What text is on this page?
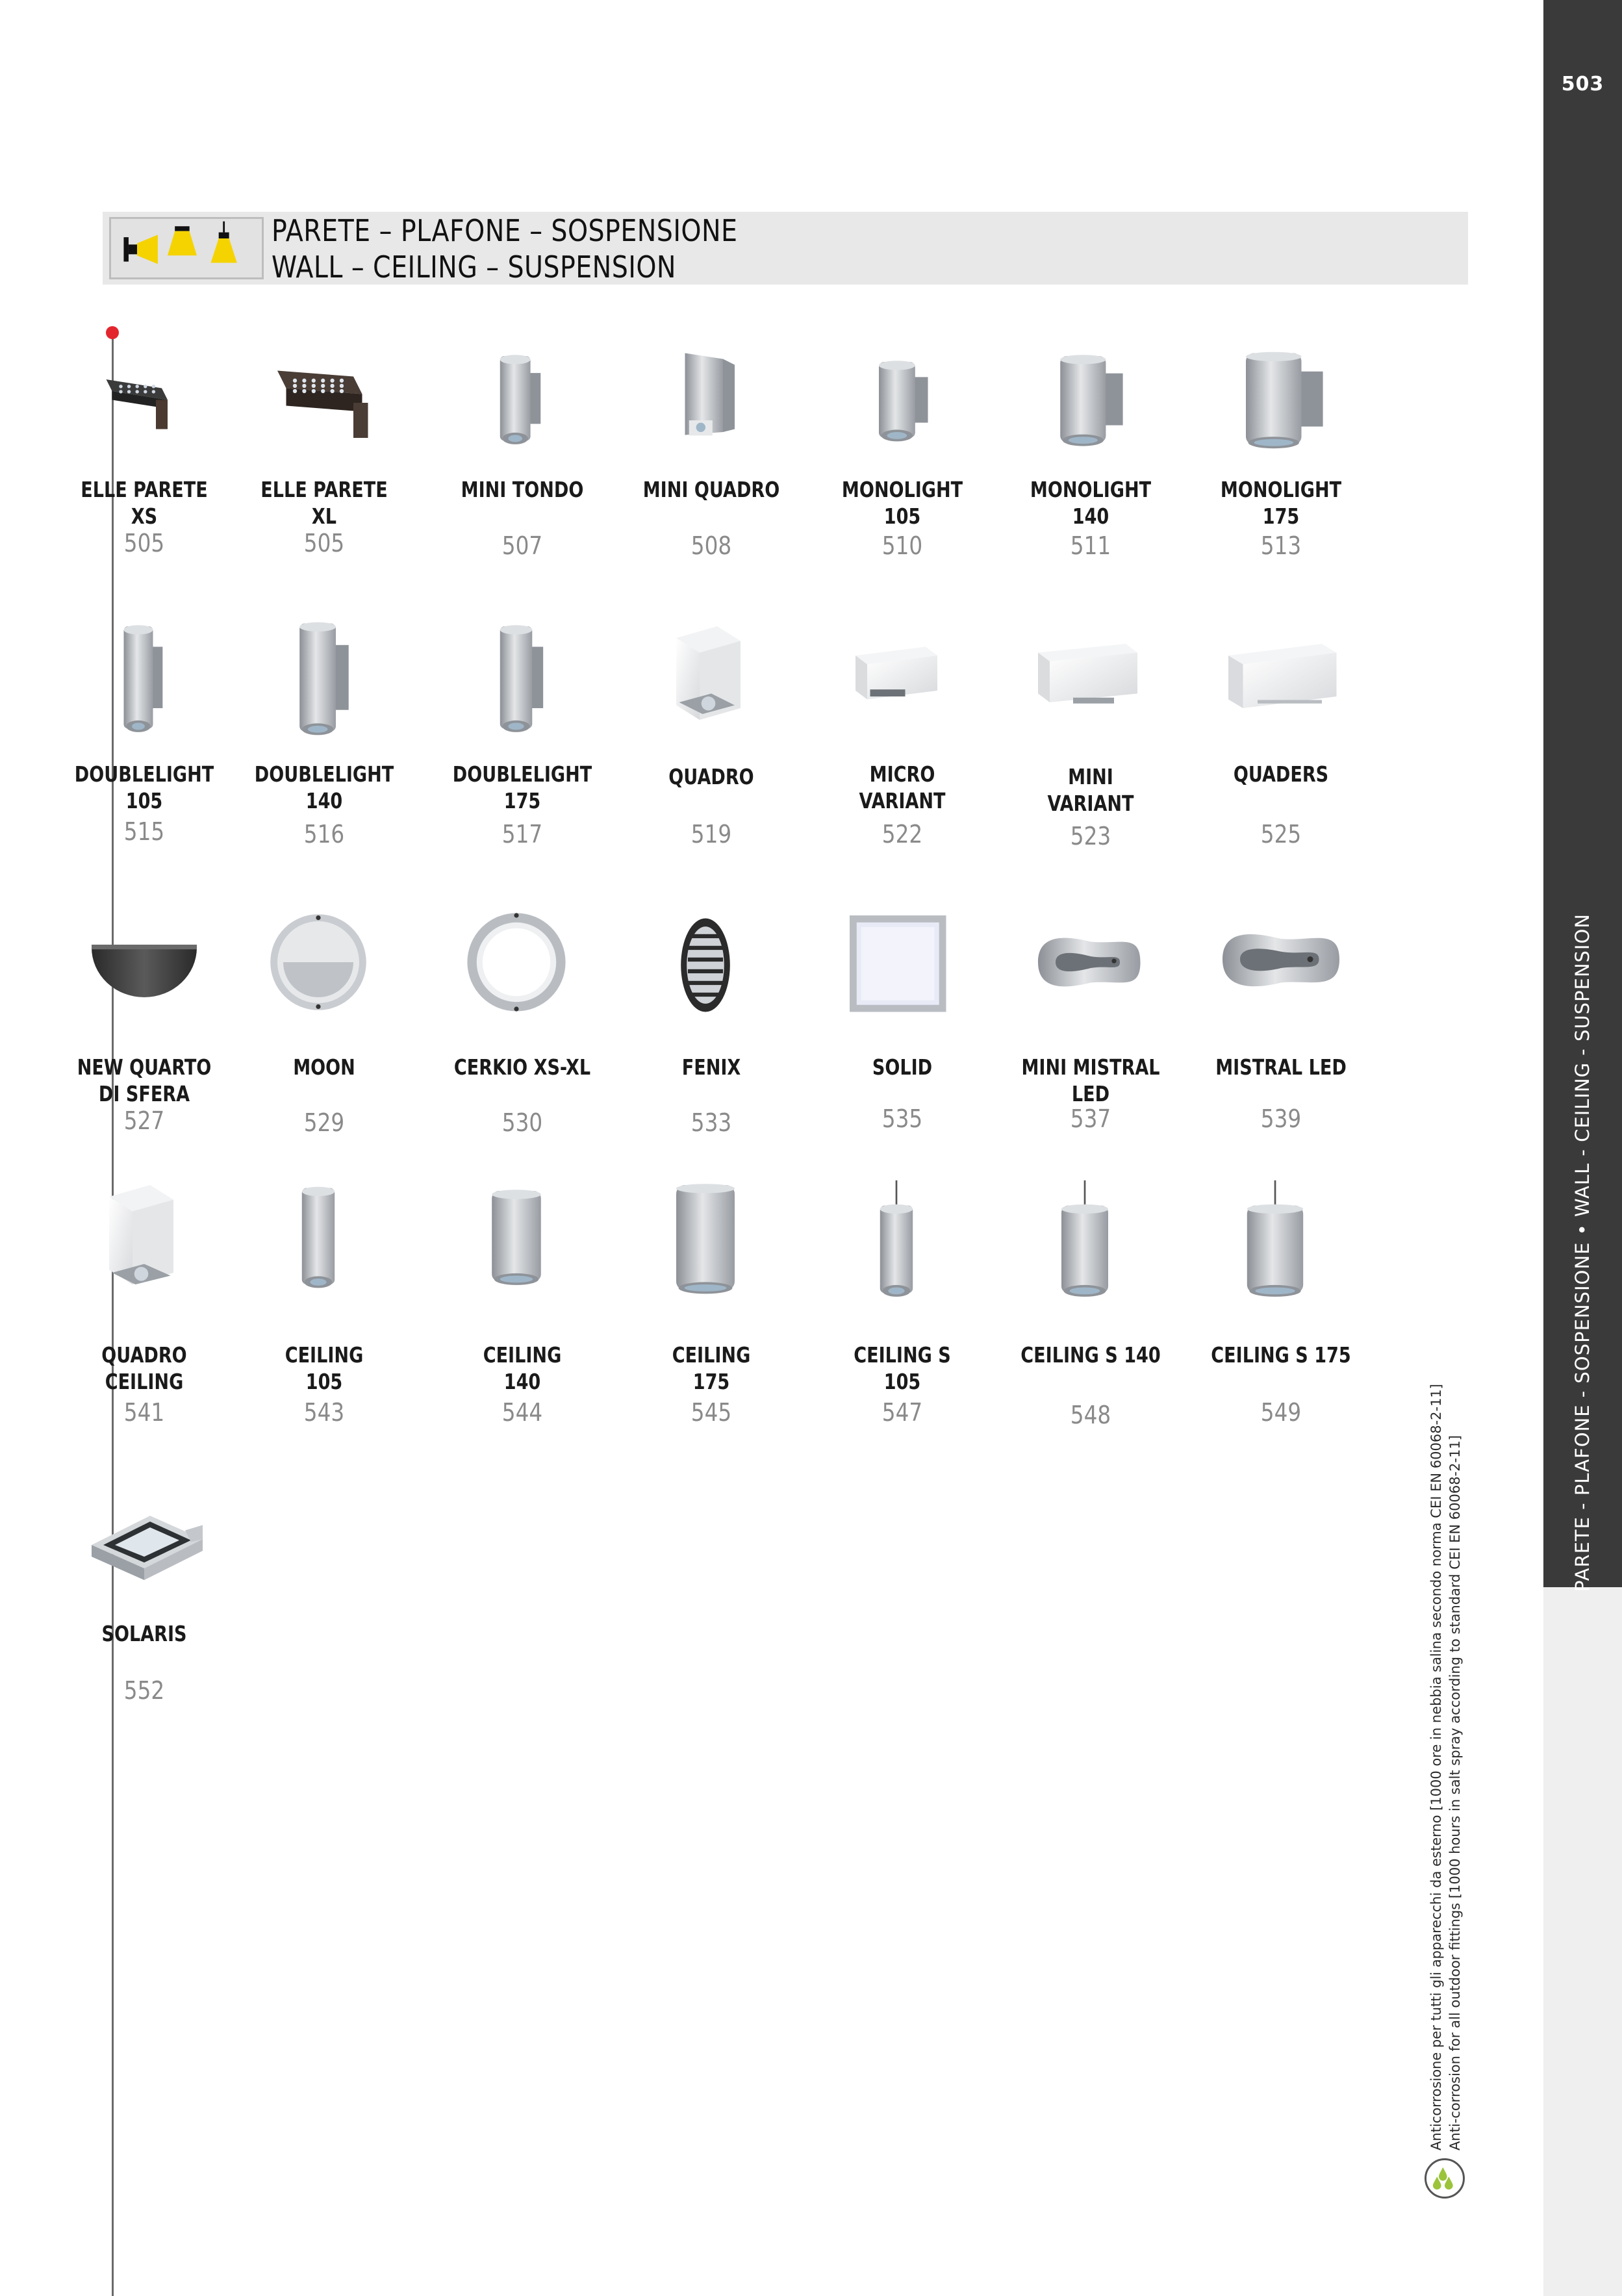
503
PARETE - PLAFONE - SOSPENSIONE • WALL - CEILING - SUSPENSION
PARETE – PLAFONE – SOSPENSIONE
WALL – CEILING – SUSPENSION
ELLE PARETE
XS
505
ELLE PARETE
XL
505
MINI TONDO
507
MINI QUADRO
508
MONOLIGHT
105
510
MONOLIGHT
140
511
MONOLIGHT
175
513
DOUBLELIGHT
105
515
DOUBLELIGHT
140
516
DOUBLELIGHT
175
517
QUADRO
519
MICRO
VARIANT
522
MINI
VARIANT
523
QUADERS
525
NEW QUARTO
DI SFERA
527
MOON
529
CERKIO XS-XL
530
FENIX
533
SOLID
535
MINI MISTRAL
LED
537
MISTRAL LED
539
QUADRO
CEILING
541
CEILING
105
543
CEILING
140
544
CEILING
175
545
CEILING S
105
547
CEILING S 140
548
CEILING S 175
549
SOLARIS
552	Anticorrosione per tutti gli apparecchi da esterno [1000 ore in nebbia salina secondo norma CEI EN 60068-2-11] Anti-corrosion for all outdoor fittings [1000 hours in salt spray according to standard CEI EN 60068-2-11]
